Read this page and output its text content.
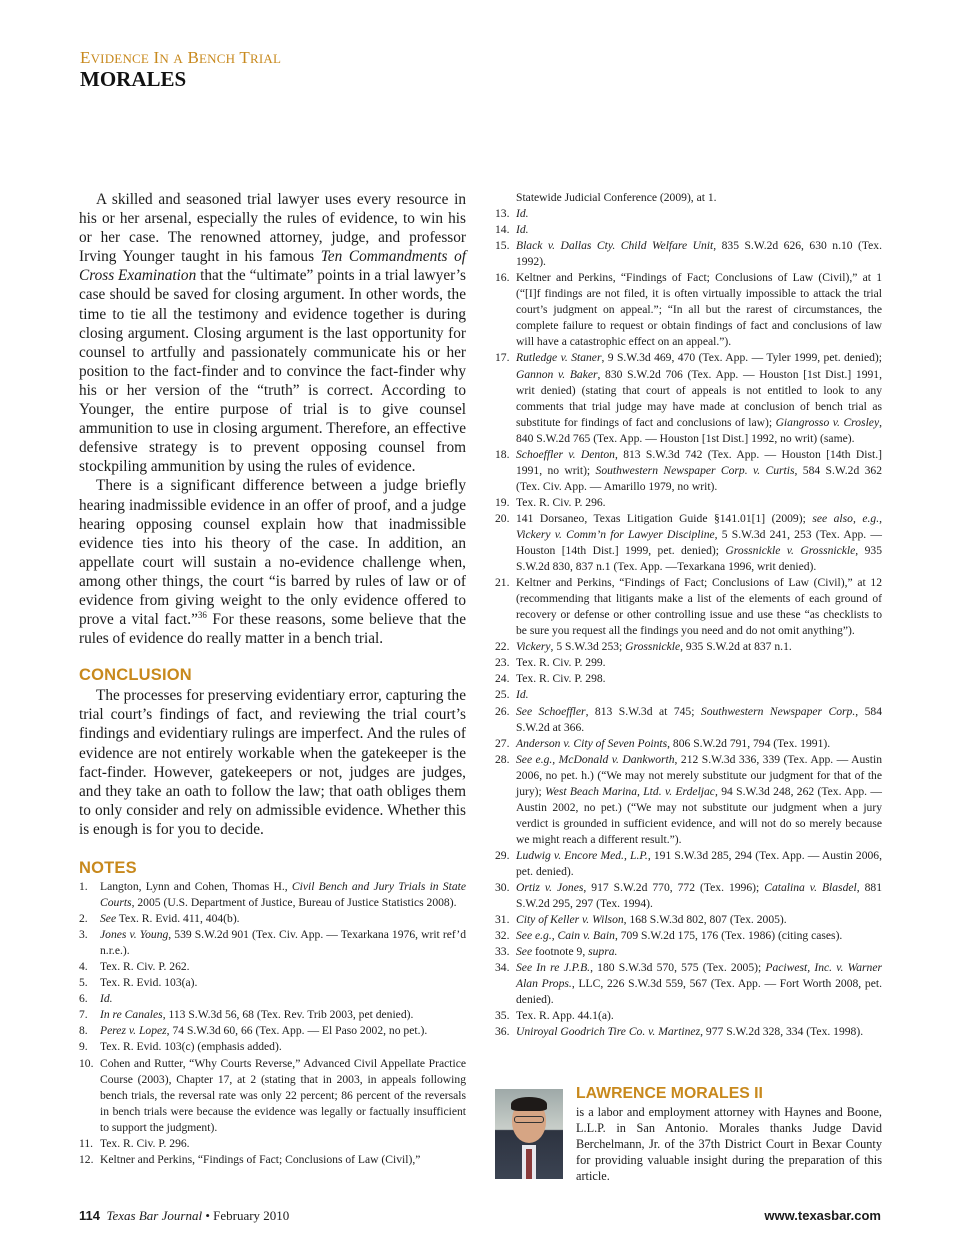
EVIDENCE IN A BENCH TRIAL
MORALES

A skilled and seasoned trial lawyer uses every resource in his or her arsenal, especially the rules of evidence, to win his or her case. The renowned attorney, judge, and professor Irving Younger taught in his famous Ten Commandments of Cross Examination that the “ultimate” points in a trial lawyer’s case should be saved for closing argument. In other words, the time to tie all the testimony and evidence together is during closing argument. Closing argument is the last opportunity for counsel to artfully and passionately communicate his or her position to the fact-finder and to convince the fact-finder why his or her version of the “truth” is correct. According to Younger, the entire purpose of trial is to give counsel ammunition to use in closing argument. Therefore, an effective defensive strategy is to prevent opposing counsel from stockpiling ammunition by using the rules of evidence.

There is a significant difference between a judge briefly hearing inadmissible evidence in an offer of proof, and a judge hearing opposing counsel explain how that inadmissible evidence ties into his theory of the case. In addition, an appellate court will sustain a no-evidence challenge when, among other things, the court “is barred by rules of law or of evidence from giving weight to the only evidence offered to prove a vital fact.”$^{36}$ For these reasons, some believe that the rules of evidence do really matter in a bench trial.

CONCLUSION

The processes for preserving evidentiary error, capturing the trial court’s findings of fact, and reviewing the trial court’s findings and evidentiary rulings are imperfect. And the rules of evidence are not entirely workable when the gatekeeper is the fact-finder. However, gatekeepers or not, judges are judges, and they take an oath to follow the law; that oath obliges them to only consider and rely on admissible evidence. Whether this is enough is for you to decide.

NOTES
1.	Langton, Lynn and Cohen, Thomas H., Civil Bench and Jury Trials in State Courts, 2005 (U.S. Department of Justice, Bureau of Justice Statistics 2008).
2.	See Tex. R. Evid. 411, 404(b).
3.	Jones v. Young, 539 S.W.2d 901 (Tex. Civ. App. — Texarkana 1976, writ ref’d n.r.e.).
4.	Tex. R. Civ. P. 262.
5.	Tex. R. Evid. 103(a).
6.	Id.
7.	In re Canales, 113 S.W.3d 56, 68 (Tex. Rev. Trib 2003, pet denied).
8.	Perez v. Lopez, 74 S.W.3d 60, 66 (Tex. App. — El Paso 2002, no pet.).
9.	Tex. R. Evid. 103(c) (emphasis added).
10. Cohen and Rutter, “Why Courts Reverse,” Advanced Civil Appellate Practice Course (2003), Chapter 17, at 2 (stating that in 2003, in appeals following bench trials, the reversal rate was only 22 percent; 86 percent of the reversals in bench trials were because the evidence was legally or factually insufficient to support the judgment).
11. Tex. R. Civ. P. 296.
12. Keltner and Perkins, “Findings of Fact; Conclusions of Law (Civil),”
Statewide Judicial Conference (2009), at 1.
13. Id.
14. Id.
15. Black v. Dallas Cty. Child Welfare Unit, 835 S.W.2d 626, 630 n.10 (Tex. 1992).
16. Keltner and Perkins, “Findings of Fact; Conclusions of Law (Civil),” at 1 (“[I]f findings are not filed, it is often virtually impossible to attack the trial court’s judgment on appeal.”; “In all but the rarest of circumstances, the complete failure to request or obtain findings of fact and conclusions of law will have a catastrophic effect on an appeal.”).
17. Rutledge v. Staner, 9 S.W.3d 469, 470 (Tex. App. — Tyler 1999, pet. denied); Gannon v. Baker, 830 S.W.2d 706 (Tex. App. — Houston [1st Dist.] 1991, writ denied) (stating that court of appeals is not entitled to look to any comments that trial judge may have made at conclusion of bench trial as substitute for findings of fact and conclusions of law); Giangrosso v. Crosley, 840 S.W.2d 765 (Tex. App. — Houston [1st Dist.] 1992, no writ) (same).
18. Schoeffler v. Denton, 813 S.W.3d 742 (Tex. App. — Houston [14th Dist.] 1991, no writ); Southwestern Newspaper Corp. v. Curtis, 584 S.W.2d 362 (Tex. Civ. App. — Amarillo 1979, no writ).
19. Tex. R. Civ. P. 296.
20. 141 Dorsaneo, Texas Litigation Guide §141.01[1] (2009); see also, e.g., Vickery v. Comm’n for Lawyer Discipline, 5 S.W.3d 241, 253 (Tex. App. — Houston [14th Dist.] 1999, pet. denied); Grossnickle v. Grossnickle, 935 S.W.2d 830, 837 n.1 (Tex. App. —Texarkana 1996, writ denied).
21. Keltner and Perkins, “Findings of Fact; Conclusions of Law (Civil),” at 12 (recommending that litigants make a list of the elements of each ground of recovery or defense or other controlling issue and use these “as checklists to be sure you request all the findings you need and do not omit anything”).
22. Vickery, 5 S.W.3d 253; Grossnickle, 935 S.W.2d at 837 n.1.
23. Tex. R. Civ. P. 299.
24. Tex. R. Civ. P. 298.
25. Id.
26. See Schoeffler, 813 S.W.3d at 745; Southwestern Newspaper Corp., 584 S.W.2d at 366.
27. Anderson v. City of Seven Points, 806 S.W.2d 791, 794 (Tex. 1991).
28. See e.g., McDonald v. Dankworth, 212 S.W.3d 336, 339 (Tex. App. — Austin 2006, no pet. h.) (“We may not merely substitute our judgment for that of the jury); West Beach Marina, Ltd. v. Erdeljac, 94 S.W.3d 248, 262 (Tex. App. — Austin 2002, no pet.) (“We may not substitute our judgment when a jury verdict is grounded in sufficient evidence, and will not do so merely because we might reach a different result.”).
29. Ludwig v. Encore Med., L.P., 191 S.W.3d 285, 294 (Tex. App. — Austin 2006, pet. denied).
30. Ortiz v. Jones, 917 S.W.2d 770, 772 (Tex. 1996); Catalina v. Blasdel, 881 S.W.2d 295, 297 (Tex. 1994).
31. City of Keller v. Wilson, 168 S.W.3d 802, 807 (Tex. 2005).
32. See e.g., Cain v. Bain, 709 S.W.2d 175, 176 (Tex. 1986) (citing cases).
33. See footnote 9, supra.
34. See In re J.P.B., 180 S.W.3d 570, 575 (Tex. 2005); Paciwest, Inc. v. Warner Alan Props., LLC, 226 S.W.3d 559, 567 (Tex. App. — Fort Worth 2008, pet. denied).
35. Tex. R. App. 44.1(a).
36. Uniroyal Goodrich Tire Co. v. Martinez, 977 S.W.2d 328, 334 (Tex. 1998).
LAWRENCE MORALES II

is a labor and employment attorney with Haynes and Boone, L.L.P. in San Antonio. Morales thanks Judge David Berchelmann, Jr. of the 37th District Court in Bexar County for providing valuable insight during the preparation of this article.

114 Texas Bar Journal • February 2010	www.texasbar.com
